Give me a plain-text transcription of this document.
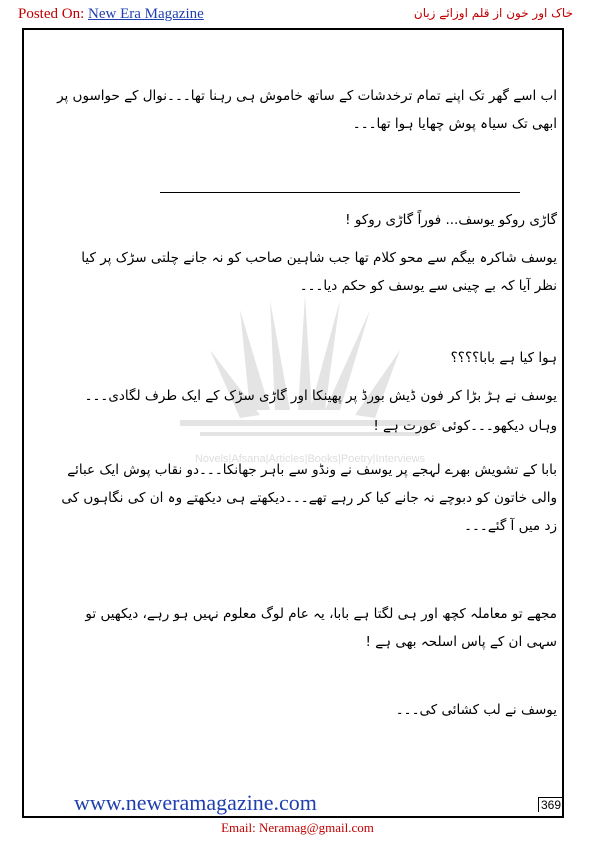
Posted On: New Era Magazine	خاک اور خون از قلم اوزائے زبان
Novels|Afsana|Articles|Books|Poetry|Interviews
اب اسے گھر تک اپنے تمام ترخدشات کے ساتھ خاموش ہی رہنا تھا۔۔۔نوال کے حواسوں پر ابھی تک سیاہ پوش چھایا ہوا تھا۔۔۔
گاڑی روکو یوسف... فوراً گاڑی روکو !
یوسف شاکرہ بیگم سے محو کلام تھا جب شاہین صاحب کو نہ جانے چلتی سڑک پر کیا نظر آیا کہ بے چینی سے یوسف کو حکم دیا۔۔۔
ہوا کیا ہے بابا؟؟؟؟
یوسف نے ہڑ بڑا کر فون ڈیش بورڈ پر پھینکا اور گاڑی سڑک کے ایک طرف لگادی۔۔۔
وہاں دیکھو۔۔۔کوئی عورت ہے !
بابا کے تشویش بھرے لہجے پر یوسف نے ونڈو سے باہر جھانکا۔۔۔دو نقاب پوش ایک عبائے والی خاتون کو دبوچے نہ جانے کیا کر رہے تھے۔۔۔دیکھتے ہی دیکھتے وہ ان کی نگاہوں کی زد میں آ گئے۔۔۔
مجھے تو معاملہ کچھ اور ہی لگتا ہے بابا، یہ عام لوگ معلوم نہیں ہو رہے، دیکھیں تو سہی ان کے پاس اسلحہ بھی ہے !
یوسف نے لب کشائی کی۔۔۔
www.neweramagazine.com	369
Email: Neramag@gmail.com
